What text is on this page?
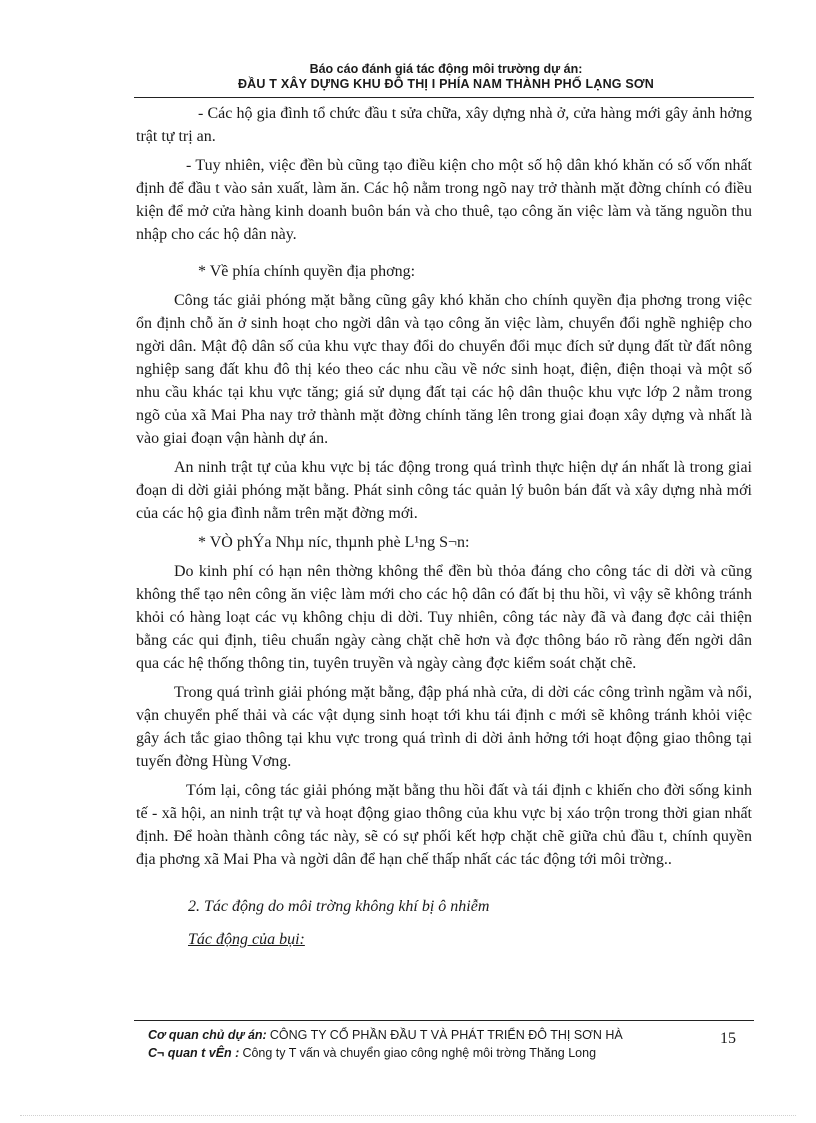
Báo cáo đánh giá tác động môi trường dự án:
ĐẦU T XÂY DỰNG KHU ĐÔ THỊ I PHÍA NAM THÀNH PHỐ LẠNG SƠN

- Các hộ gia đình tổ chức đầu t sửa chữa, xây dựng nhà ở, cửa hàng mới gây ảnh hởng trật tự trị an.

- Tuy nhiên, việc đền bù cũng tạo điều kiện cho một số hộ dân khó khăn có số vốn nhất định để đầu t vào sản xuất, làm ăn. Các hộ nằm trong ngõ nay trở thành mặt đờng chính có điều kiện để mở cửa hàng kinh doanh buôn bán và cho thuê, tạo công ăn việc làm và tăng nguồn thu nhập cho các hộ dân này.

* Về phía chính quyền địa phơng:

Công tác giải phóng mặt bằng cũng gây khó khăn cho chính quyền địa phơng trong việc ổn định chỗ ăn ở sinh hoạt cho ngời dân và tạo công ăn việc làm, chuyển đổi nghề nghiệp cho ngời dân. Mật độ dân số của khu vực thay đổi do chuyển đổi mục đích sử dụng đất từ đất nông nghiệp sang đất khu đô thị kéo theo các nhu cầu về nớc sinh hoạt, điện, điện thoại và một số nhu cầu khác tại khu vực tăng; giá sử dụng đất tại các hộ dân thuộc khu vực lớp 2 nằm trong ngõ của xã Mai Pha nay trở thành mặt đờng chính tăng lên trong giai đoạn xây dựng và nhất là vào giai đoạn vận hành dự án.

An ninh trật tự của khu vực bị tác động trong quá trình thực hiện dự án nhất là trong giai đoạn di dời giải phóng mặt bằng. Phát sinh công tác quản lý buôn bán đất và xây dựng nhà mới của các hộ gia đình nằm trên mặt đờng mới.

* VÒ phÝa Nhµ níc, thµnh phè L¹ng S¬n:

Do kinh phí có hạn nên thờng không thể đền bù thỏa đáng cho công tác di dời và cũng không thể tạo nên công ăn việc làm mới cho các hộ dân có đất bị thu hồi, vì vậy sẽ không tránh khỏi có hàng loạt các vụ không chịu di dời. Tuy nhiên, công tác này đã và đang đợc cải thiện bằng các qui định, tiêu chuẩn ngày càng chặt chẽ hơn và đợc thông báo rõ ràng đến ngời dân qua các hệ thống thông tin, tuyên truyền và ngày càng đợc kiểm soát chặt chẽ.

Trong quá trình giải phóng mặt bằng, đập phá nhà cửa, di dời các công trình ngầm và nổi, vận chuyển phế thải và các vật dụng sinh hoạt tới khu tái định c mới sẽ không tránh khỏi việc gây ách tắc giao thông tại khu vực trong quá trình di dời ảnh hởng tới hoạt động giao thông tại tuyến đờng Hùng Vơng.

Tóm lại, công tác giải phóng mặt bằng thu hồi đất và tái định c khiến cho đời sống kinh tế - xã hội, an ninh trật tự và hoạt động giao thông của khu vực bị xáo trộn trong thời gian nhất định. Để hoàn thành công tác này, sẽ có sự phối kết hợp chặt chẽ giữa chủ đầu t, chính quyền địa phơng xã Mai Pha và ngời dân để hạn chế thấp nhất các tác động tới môi trờng..

2. Tác động do môi trờng không khí bị ô nhiễm

Tác động của bụi:

Cơ quan chủ dự án: CÔNG TY CỔ PHẦN ĐẦU T VÀ PHÁT TRIỂN ĐÔ THỊ SƠN HÀ
C¬ quan t vÊn : Công ty T vấn và chuyển giao công nghệ môi trờng Thăng Long
15
